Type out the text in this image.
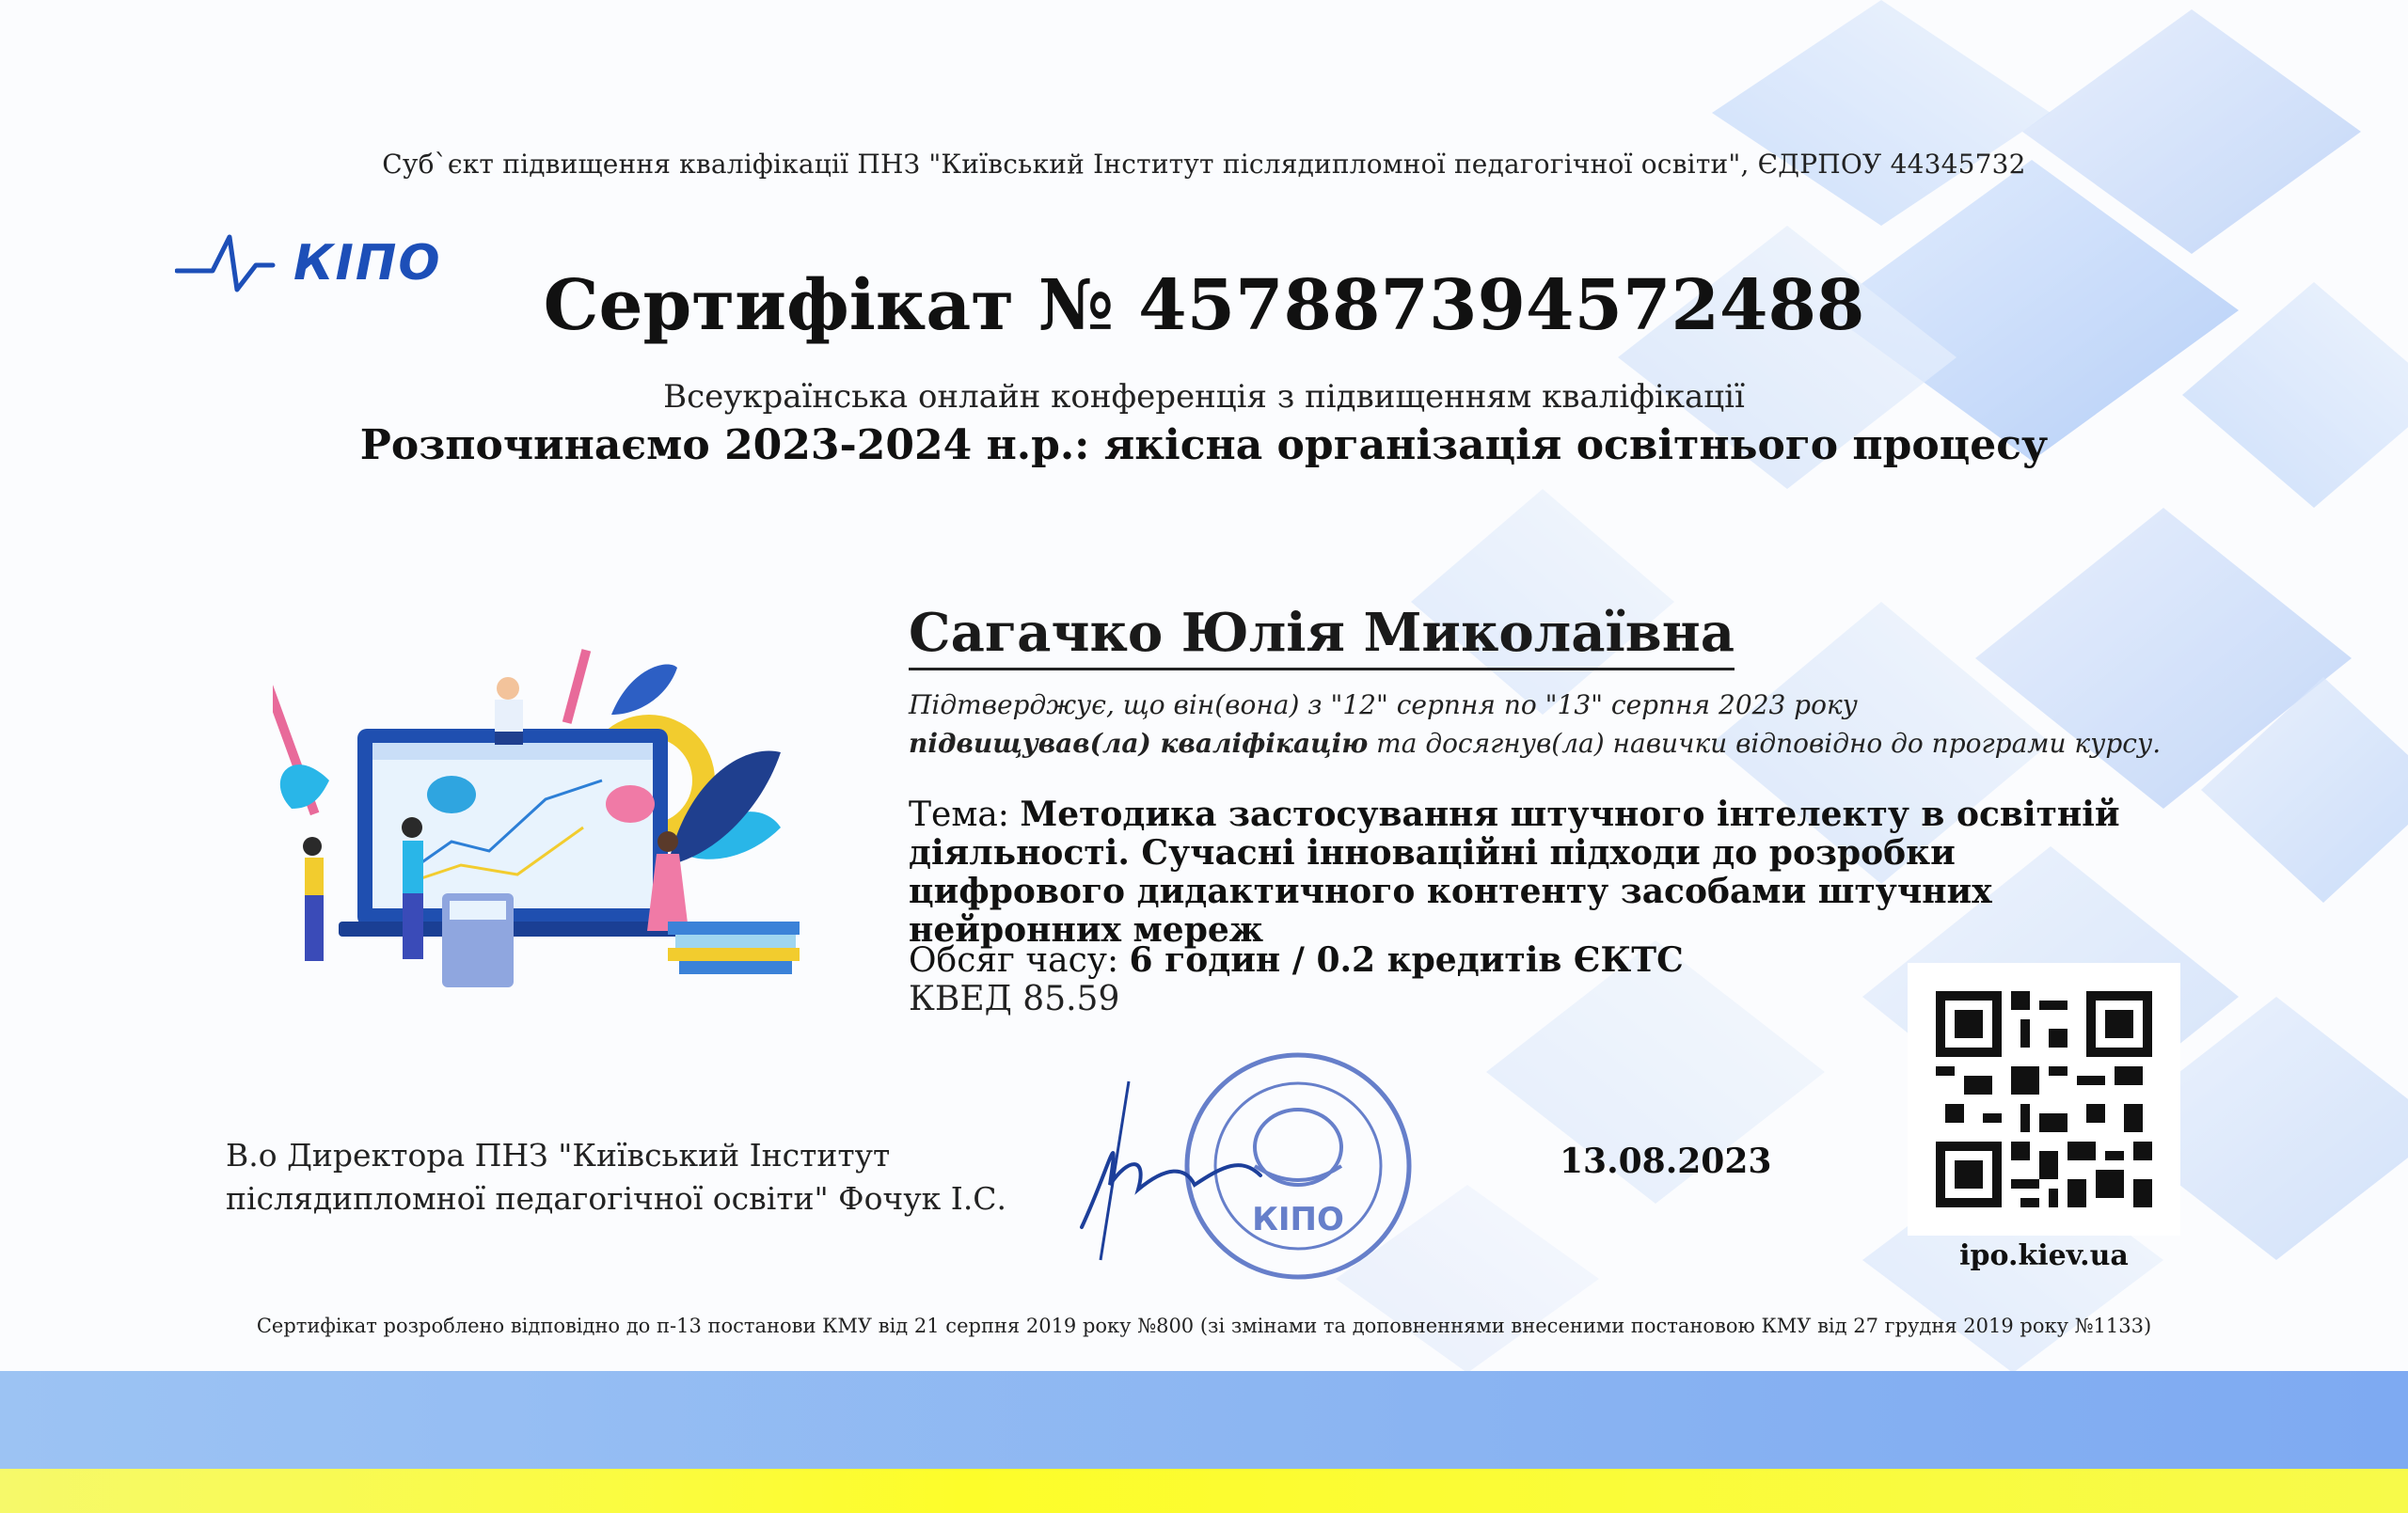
Суб`єкт підвищення кваліфікації ПНЗ "Київський Інститут післядипломної педагогічної освіти", ЄДРПОУ 44345732
КІПО
Сертифікат № 457887394572488
Всеукраїнська онлайн конференція з підвищенням кваліфікації
Розпочинаємо 2023-2024 н.р.: якісна організація освітнього процесу
Сагачко Юлія Миколаївна
Підтверджує, що він(вона) з "12" серпня по "13" серпня 2023 року
підвищував(ла) кваліфікацію та досягнув(ла) навички відповідно до програми курсу.
Тема: Методика застосування штучного інтелекту в освітній діяльності. Сучасні інноваційні підходи до розробки цифрового дидактичного контенту засобами штучних нейронних мереж
Обсяг часу: 6 годин / 0.2 кредитів ЄКТС
КВЕД 85.59
В.о Директора ПНЗ "Київський Інститут
післядипломної педагогічної освіти" Фочук І.С.
КІПО
13.08.2023
ipo.kiev.ua
Сертифікат розроблено відповідно до п-13 постанови КМУ від 21 серпня 2019 року №800 (зі змінами та доповненнями внесеними постановою КМУ від 27 грудня 2019 року №1133)
